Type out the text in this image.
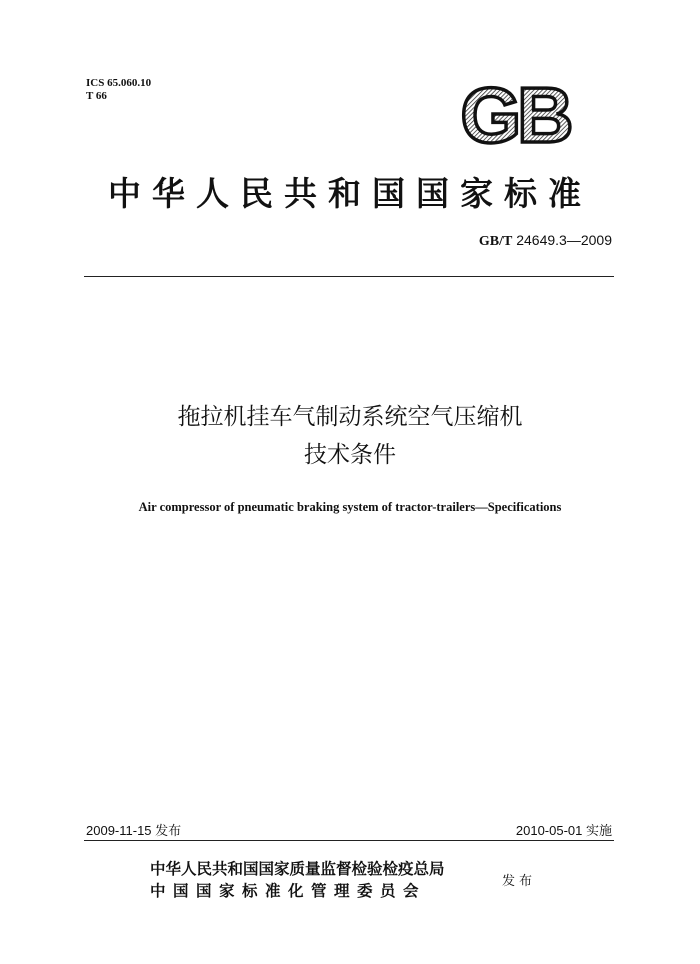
ICS 65.060.10
T 66	GB
中华人民共和国国家标准
GB/T 24649.3—2009
拖拉机挂车气制动系统空气压缩机
技术条件
Air compressor of pneumatic braking system of tractor-trailers—Specifications
2009-11-15 发布	2010-05-01 实施
中华人民共和国国家质量监督检验检疫总局
中国国家标准化管理委员会	发布
